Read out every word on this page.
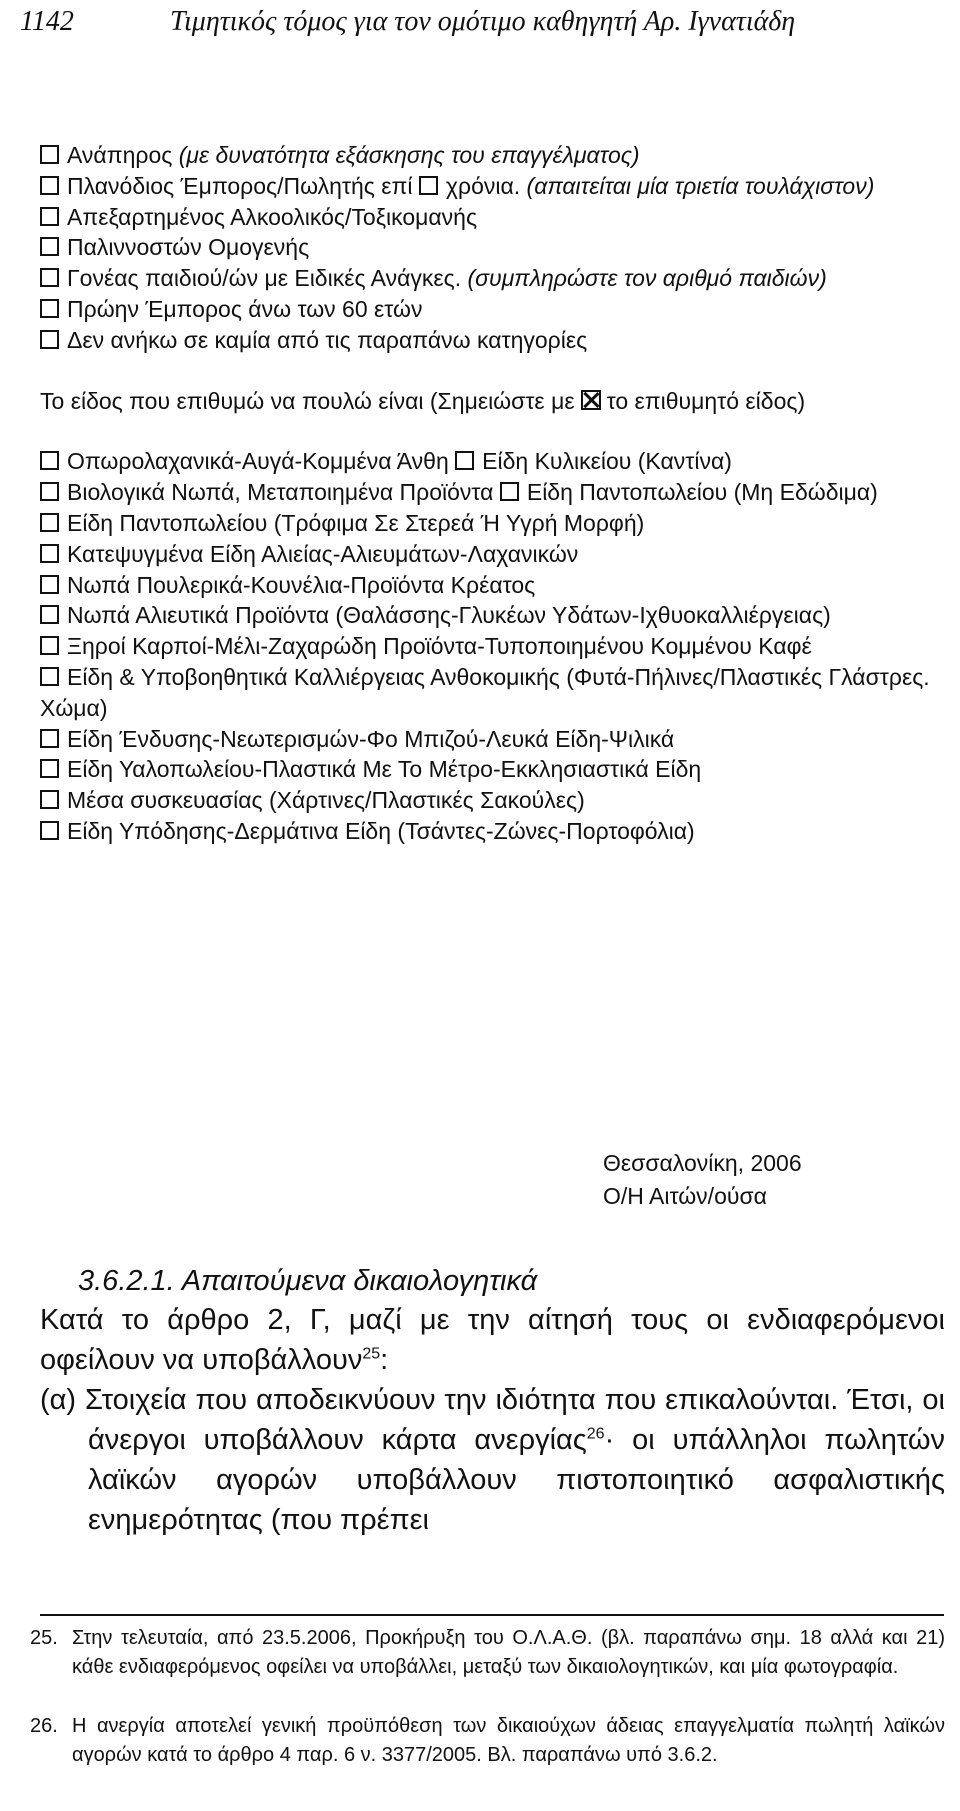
1142	Τιμητικός τόμος για τον ομότιμο καθηγητή Αρ. Ιγνατιάδη

Ανάπηρος (με δυνατότητα εξάσκησης του επαγγέλματος)

Πλανόδιος Έμπορος/Πωλητής επί χρόνια. (απαιτείται μία τριετία τουλάχιστον)

Απεξαρτημένος Αλκοολικός/Τοξικομανής

Παλιννοστών Ομογενής

Γονέας παιδιού/ών με Ειδικές Ανάγκες. (συμπληρώστε τον αριθμό παιδιών)

Πρώην Έμπορος άνω των 60 ετών

Δεν ανήκω σε καμία από τις παραπάνω κατηγορίες

Το είδος που επιθυμώ να πουλώ είναι (Σημειώστε με το επιθυμητό είδος)

Οπωρολαχανικά-Αυγά-Κομμένα Άνθη Είδη Κυλικείου (Καντίνα)

Βιολογικά Νωπά, Μεταποιημένα Προϊόντα Είδη Παντοπωλείου (Μη Εδώδιμα)

Είδη Παντοπωλείου (Τρόφιμα Σε Στερεά Ή Υγρή Μορφή)

Κατεψυγμένα Είδη Αλιείας-Αλιευμάτων-Λαχανικών

Νωπά Πουλερικά-Κουνέλια-Προϊόντα Κρέατος

Νωπά Αλιευτικά Προϊόντα (Θαλάσσης-Γλυκέων Υδάτων-Ιχθυοκαλλιέργειας)

Ξηροί Καρποί-Μέλι-Ζαχαρώδη Προϊόντα-Τυποποιημένου Κομμένου Καφέ

Είδη & Υποβοηθητικά Καλλιέργειας Ανθοκομικής (Φυτά-Πήλινες/Πλαστικές Γλάστρες. Χώμα)

Είδη Ένδυσης-Νεωτερισμών-Φο Μπιζού-Λευκά Είδη-Ψιλικά

Είδη Υαλοπωλείου-Πλαστικά Με Το Μέτρο-Εκκλησιαστικά Είδη

Μέσα συσκευασίας (Χάρτινες/Πλαστικές Σακούλες)

Είδη Υπόδησης-Δερμάτινα Είδη (Τσάντες-Ζώνες-Πορτοφόλια)

Θεσσαλονίκη, 2006
Ο/Η Αιτών/ούσα
3.6.2.1. Απαιτούμενα δικαιολογητικά
Κατά το άρθρο 2, Γ, μαζί με την αίτησή τους οι ενδιαφερόμενοι οφείλουν να υποβάλλουν$^{25}$:
(α) Στοιχεία που αποδεικνύουν την ιδιότητα που επικαλούνται. Έτσι, οι άνεργοι υποβάλλουν κάρτα ανεργίας$^{26}$· οι υπάλληλοι πωλητών λαϊκών αγορών υποβάλλουν πιστοποιητικό ασφαλιστικής ενημερότητας (που πρέπει
25. Στην τελευταία, από 23.5.2006, Προκήρυξη του Ο.Λ.Α.Θ. (βλ. παραπάνω σημ. 18 αλλά και 21) κάθε ενδιαφερόμενος οφείλει να υποβάλλει, μεταξύ των δικαιολογητικών, και μία φωτογραφία.
26. Η ανεργία αποτελεί γενική προϋπόθεση των δικαιούχων άδειας επαγγελματία πωλητή λαϊκών αγορών κατά το άρθρο 4 παρ. 6 ν. 3377/2005. Βλ. παραπάνω υπό 3.6.2.
